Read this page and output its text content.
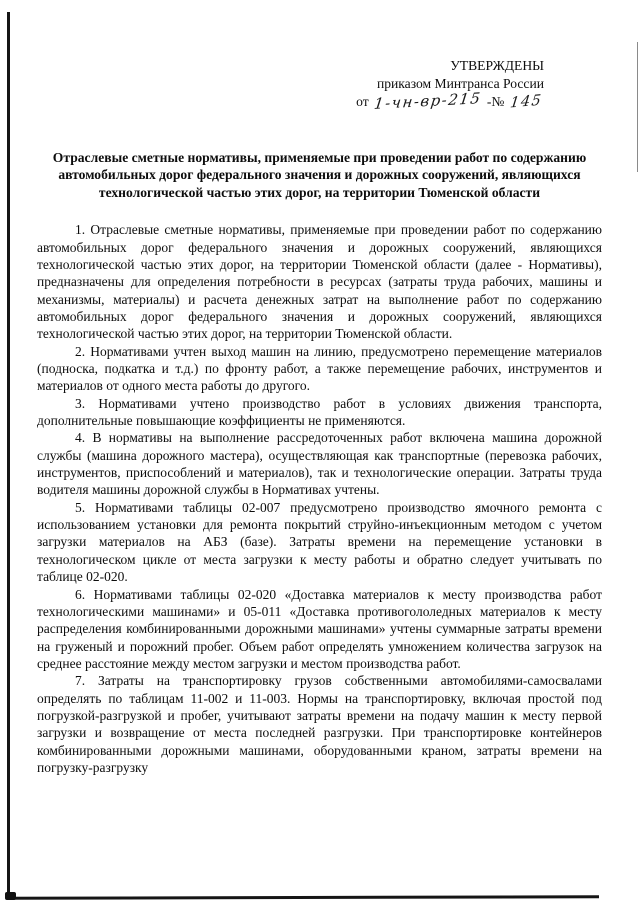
УТВЕРЖДЕНЫ
приказом Минтранса России
от 1-чн-вр-215 -№ 145
Отраслевые сметные нормативы, применяемые при проведении работ по содержанию автомобильных дорог федерального значения и дорожных сооружений, являющихся технологической частью этих дорог, на территории Тюменской области

1. Отраслевые сметные нормативы, применяемые при проведении работ по содержанию автомобильных дорог федерального значения и дорожных сооружений, являющихся технологической частью этих дорог, на территории Тюменской области (далее - Нормативы), предназначены для определения потребности в ресурсах (затраты труда рабочих, машины и механизмы, материалы) и расчета денежных затрат на выполнение работ по содержанию автомобильных дорог федерального значения и дорожных сооружений, являющихся технологической частью этих дорог, на территории Тюменской области.

2. Нормативами учтен выход машин на линию, предусмотрено перемещение материалов (подноска, подкатка и т.д.) по фронту работ, а также перемещение рабочих, инструментов и материалов от одного места работы до другого.

3. Нормативами учтено производство работ в условиях движения транспорта, дополнительные повышающие коэффициенты не применяются.

4. В нормативы на выполнение рассредоточенных работ включена машина дорожной службы (машина дорожного мастера), осуществляющая как транспортные (перевозка рабочих, инструментов, приспособлений и материалов), так и технологические операции. Затраты труда водителя машины дорожной службы в Нормативах учтены.

5. Нормативами таблицы 02-007 предусмотрено производство ямочного ремонта с использованием установки для ремонта покрытий струйно-инъекционным методом с учетом загрузки материалов на АБЗ (базе). Затраты времени на перемещение установки в технологическом цикле от места загрузки к месту работы и обратно следует учитывать по таблице 02-020.

6. Нормативами таблицы 02-020 «Доставка материалов к месту производства работ технологическими машинами» и 05-011 «Доставка противогололедных материалов к месту распределения комбинированными дорожными машинами» учтены суммарные затраты времени на груженый и порожний пробег. Объем работ определять умножением количества загрузок на среднее расстояние между местом загрузки и местом производства работ.

7. Затраты на транспортировку грузов собственными автомобилями-самосвалами определять по таблицам 11-002 и 11-003. Нормы на транспортировку, включая простой под погрузкой-разгрузкой и пробег, учитывают затраты времени на подачу машин к месту первой загрузки и возвращение от места последней разгрузки. При транспортировке контейнеров комбинированными дорожными машинами, оборудованными краном, затраты времени на погрузку-разгрузку
